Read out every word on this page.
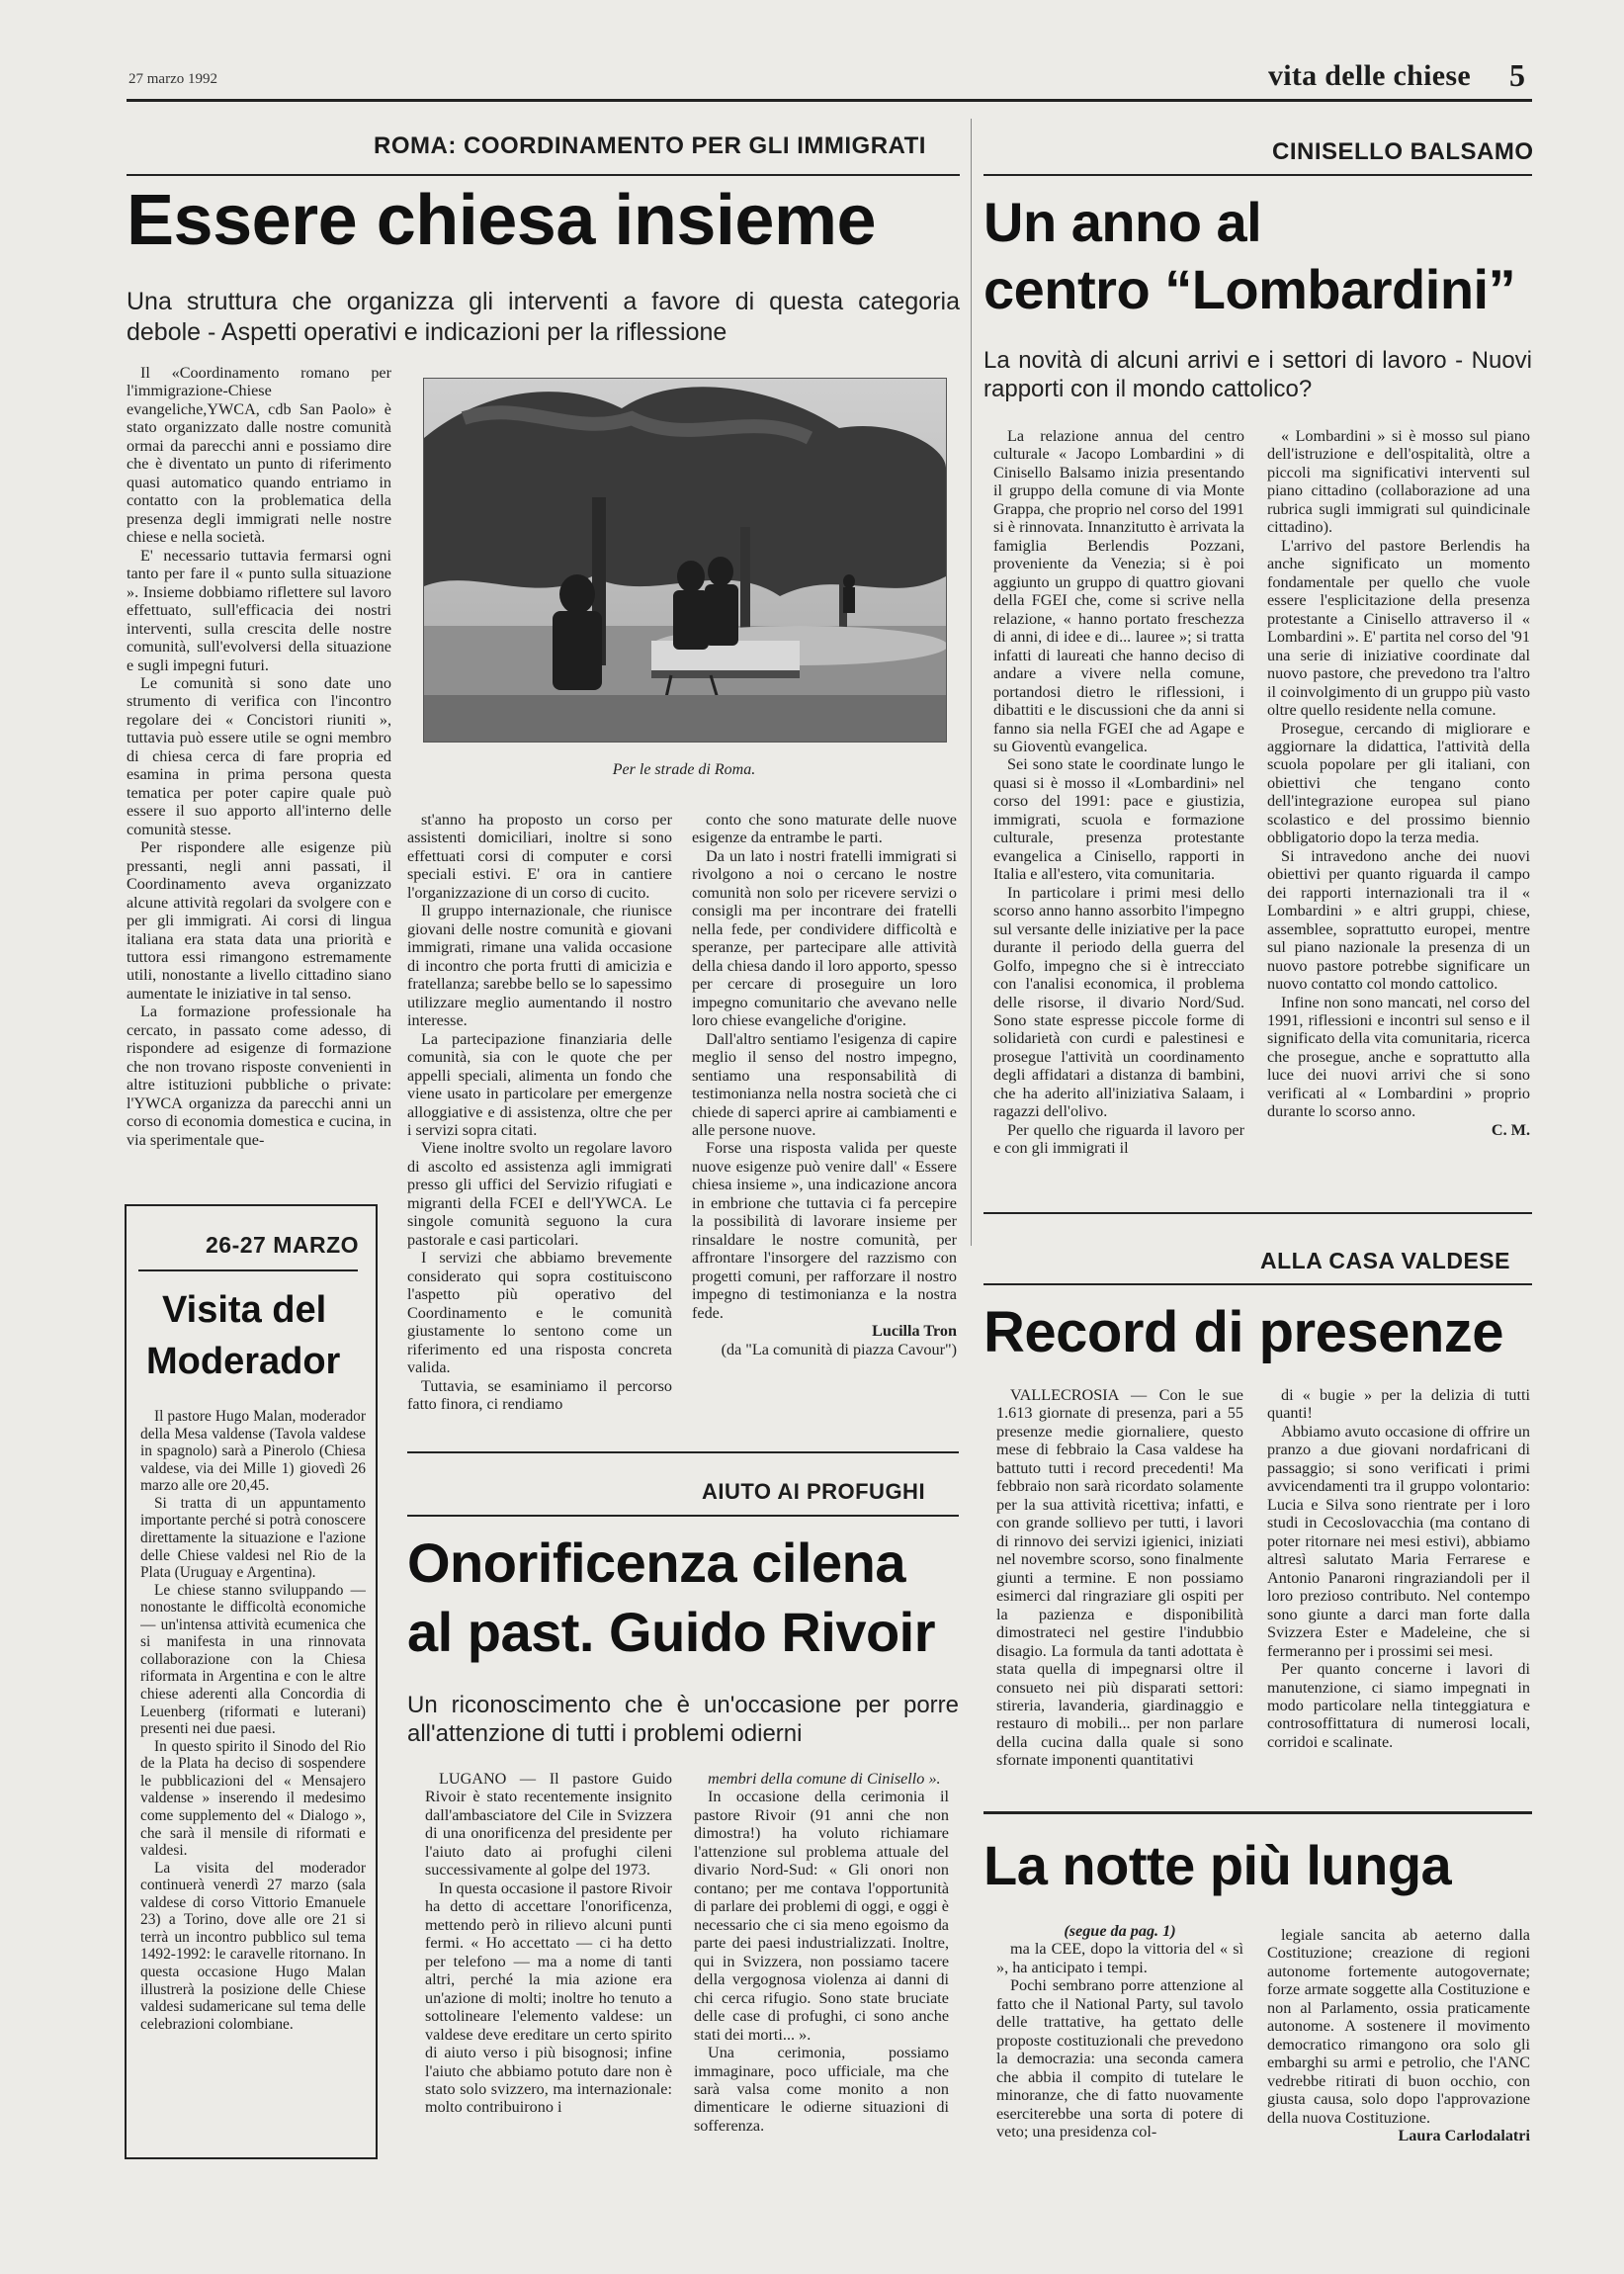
27 marzo 1992	vita delle chiese 5
ROMA: COORDINAMENTO PER GLI IMMIGRATI
Essere chiesa insieme
Una struttura che organizza gli interventi a favore di questa categoria debole - Aspetti operativi e indicazioni per la riflessione
Per le strade di Roma.

Il «Coordinamento romano per l'immigrazione-Chiese evangeliche,YWCA, cdb San Paolo» è stato organizzato dalle nostre comunità ormai da parecchi anni e possiamo dire che è diventato un punto di riferimento quasi automatico quando entriamo in contatto con la problematica della presenza degli immigrati nelle nostre chiese e nella società.

E' necessario tuttavia fermarsi ogni tanto per fare il « punto sulla situazione ». Insieme dobbiamo riflettere sul lavoro effettuato, sull'efficacia dei nostri interventi, sulla crescita delle nostre comunità, sull'evolversi della situazione e sugli impegni futuri.

Le comunità si sono date uno strumento di verifica con l'incontro regolare dei « Concistori riuniti », tuttavia può essere utile se ogni membro di chiesa cerca di fare propria ed esamina in prima persona questa tematica per poter capire quale può essere il suo apporto all'interno delle comunità stesse.

Per rispondere alle esigenze più pressanti, negli anni passati, il Coordinamento aveva organizzato alcune attività regolari da svolgere con e per gli immigrati. Ai corsi di lingua italiana era stata data una priorità e tuttora essi rimangono estremamente utili, nonostante a livello cittadino siano aumentate le iniziative in tal senso.

La formazione professionale ha cercato, in passato come adesso, di rispondere ad esigenze di formazione che non trovano risposte convenienti in altre istituzioni pubbliche o private: l'YWCA organizza da parecchi anni un corso di economia domestica e cucina, in via sperimentale que-

st'anno ha proposto un corso per assistenti domiciliari, inoltre si sono effettuati corsi di computer e corsi speciali estivi. E' ora in cantiere l'organizzazione di un corso di cucito.

Il gruppo internazionale, che riunisce giovani delle nostre comunità e giovani immigrati, rimane una valida occasione di incontro che porta frutti di amicizia e fratellanza; sarebbe bello se lo sapessimo utilizzare meglio aumentando il nostro interesse.

La partecipazione finanziaria delle comunità, sia con le quote che per appelli speciali, alimenta un fondo che viene usato in particolare per emergenze alloggiative e di assistenza, oltre che per i servizi sopra citati.

Viene inoltre svolto un regolare lavoro di ascolto ed assistenza agli immigrati presso gli uffici del Servizio rifugiati e migranti della FCEI e dell'YWCA. Le singole comunità seguono la cura pastorale e casi particolari.

I servizi che abbiamo brevemente considerato qui sopra costituiscono l'aspetto più operativo del Coordinamento e le comunità giustamente lo sentono come un riferimento ed una risposta concreta valida.

Tuttavia, se esaminiamo il percorso fatto finora, ci rendiamo

conto che sono maturate delle nuove esigenze da entrambe le parti.

Da un lato i nostri fratelli immigrati si rivolgono a noi o cercano le nostre comunità non solo per ricevere servizi o consigli ma per incontrare dei fratelli nella fede, per condividere difficoltà e speranze, per partecipare alle attività della chiesa dando il loro apporto, spesso per cercare di proseguire un loro impegno comunitario che avevano nelle loro chiese evangeliche d'origine.

Dall'altro sentiamo l'esigenza di capire meglio il senso del nostro impegno, sentiamo una responsabilità di testimonianza nella nostra società che ci chiede di saperci aprire ai cambiamenti e alle persone nuove.

Forse una risposta valida per queste nuove esigenze può venire dall' « Essere chiesa insieme », una indicazione ancora in embrione che tuttavia ci fa percepire la possibilità di lavorare insieme per rinsaldare le nostre comunità, per affrontare l'insorgere del razzismo con progetti comuni, per rafforzare il nostro impegno di testimonianza e la nostra fede.

Lucilla Tron

(da "La comunità di piazza Cavour")

CINISELLO BALSAMO
Un anno al
centro “Lombardini”
La novità di alcuni arrivi e i settori di lavoro - Nuovi rapporti con il mondo cattolico?

La relazione annua del centro culturale « Jacopo Lombardini » di Cinisello Balsamo inizia presentando il gruppo della comune di via Monte Grappa, che proprio nel corso del 1991 si è rinnovata. Innanzitutto è arrivata la famiglia Berlendis Pozzani, proveniente da Venezia; si è poi aggiunto un gruppo di quattro giovani della FGEI che, come si scrive nella relazione, « hanno portato freschezza di anni, di idee e di... lauree »; si tratta infatti di laureati che hanno deciso di andare a vivere nella comune, portandosi dietro le riflessioni, i dibattiti e le discussioni che da anni si fanno sia nella FGEI che ad Agape e su Gioventù evangelica.

Sei sono state le coordinate lungo le quasi si è mosso il «Lombardini» nel corso del 1991: pace e giustizia, immigrati, scuola e formazione culturale, presenza protestante evangelica a Cinisello, rapporti in Italia e all'estero, vita comunitaria.

In particolare i primi mesi dello scorso anno hanno assorbito l'impegno sul versante delle iniziative per la pace durante il periodo della guerra del Golfo, impegno che si è intrecciato con l'analisi economica, il problema delle risorse, il divario Nord/Sud. Sono state espresse piccole forme di solidarietà con curdi e palestinesi e proseguе l'attività un coordinamento degli affidatari a distanza di bambini, che ha aderito all'iniziativa Salaam, i ragazzi dell'olivo.

Per quello che riguarda il lavoro per e con gli immigrati il

« Lombardini » si è mosso sul piano dell'istruzione e dell'ospitalità, oltre a piccoli ma significativi interventi sul piano cittadino (collaborazione ad una rubrica sugli immigrati sul quindicinale cittadino).

L'arrivo del pastore Berlendis ha anche significato un momento fondamentale per quello che vuole essere l'esplicitazione della presenza protestante a Cinisello attraverso il « Lombardini ». E' partita nel corso del '91 una serie di iniziative coordinate dal nuovo pastore, che prevedono tra l'altro il coinvolgimento di un gruppo più vasto oltre quello residente nella comune.

Prosegue, cercando di migliorare e aggiornare la didattica, l'attività della scuola popolare per gli italiani, con obiettivi che tengano conto dell'integrazione europea sul piano scolastico e del prossimo biennio obbligatorio dopo la terza media.

Si intravedono anche dei nuovi obiettivi per quanto riguarda il campo dei rapporti internazionali tra il « Lombardini » e altri gruppi, chiese, assemblee, soprattutto europei, mentre sul piano nazionale la presenza di un nuovo pastore potrebbe significare un nuovo contatto col mondo cattolico.

Infine non sono mancati, nel corso del 1991, riflessioni e incontri sul senso e il significato della vita comunitaria, ricerca che prosegue, anche e soprattutto alla luce dei nuovi arrivi che si sono verificati al « Lombardini » proprio durante lo scorso anno.

C. M.

26-27 MARZO
Visita del
Moderador

Il pastore Hugo Malan, moderador della Mesa valdense (Tavola valdese in spagnolo) sarà a Pinerolo (Chiesa valdese, via dei Mille 1) giovedì 26 marzo alle ore 20,45.

Si tratta di un appuntamento importante perché si potrà conoscere direttamente la situazione e l'azione delle Chiese valdesi nel Rio de la Plata (Uruguay e Argentina).

Le chiese stanno sviluppando — nonostante le difficoltà economiche — un'intensa attività ecumenica che si manifesta in una rinnovata collaborazione con la Chiesa riformata in Argentina e con le altre chiese aderenti alla Concordia di Leuenberg (riformati e luterani) presenti nei due paesi.

In questo spirito il Sinodo del Rio de la Plata ha deciso di sospendere le pubblicazioni del « Mensajero valdense » inserendo il medesimo come supplemento del « Dialogo », che sarà il mensile di riformati e valdesi.

La visita del moderador continuerà venerdì 27 marzo (sala valdese di corso Vittorio Emanuele 23) a Torino, dove alle ore 21 si terrà un incontro pubblico sul tema 1492-1992: le caravelle ritornano. In questa occasione Hugo Malan illustrerà la posizione delle Chiese valdesi sudamericane sul tema delle celebrazioni colombiane.

AIUTO AI PROFUGHI
Onorificenza cilena
al past. Guido Rivoir
Un riconoscimento che è un'occasione per porre all'attenzione di tutti i problemi odierni

LUGANO — Il pastore Guido Rivoir è stato recentemente insignito dall'ambasciatore del Cile in Svizzera di una onorificenza del presidente per l'aiuto dato ai profughi cileni successivamente al golpe del 1973.

In questa occasione il pastore Rivoir ha detto di accettare l'onorificenza, mettendo però in rilievo alcuni punti fermi. « Ho accettato — ci ha detto per telefono — ma a nome di tanti altri, perché la mia azione era un'azione di molti; inoltre ho tenuto a sottolineare l'elemento valdese: un valdese deve ereditare un certo spirito di aiuto verso i più bisognosi; infine l'aiuto che abbiamo potuto dare non è stato solo svizzero, ma internazionale: molto contribuirono i

membri della comune di Cinisello ».

In occasione della cerimonia il pastore Rivoir (91 anni che non dimostra!) ha voluto richiamare l'attenzione sul problema attuale del divario Nord-Sud: « Gli onori non contano; per me contava l'opportunità di parlare dei problemi di oggi, e oggi è necessario che ci sia meno egoismo da parte dei paesi industrializzati. Inoltre, qui in Svizzera, non possiamo tacere della vergognosa violenza ai danni di chi cerca rifugio. Sono state bruciate delle case di profughi, ci sono anche stati dei morti... ».

Una cerimonia, possiamo immaginare, poco ufficiale, ma che sarà valsa come monito a non dimenticare le odierne situazioni di sofferenza.

ALLA CASA VALDESE
Record di presenze

VALLECROSIA — Con le sue 1.613 giornate di presenza, pari a 55 presenze medie giornaliere, questo mese di febbraio la Casa valdese ha battuto tutti i record precedenti! Ma febbraio non sarà ricordato solamente per la sua attività ricettiva; infatti, e con grande sollievo per tutti, i lavori di rinnovo dei servizi igienici, iniziati nel novembre scorso, sono finalmente giunti a termine. E non possiamo esimerci dal ringraziare gli ospiti per la pazienza e disponibilità dimostrateci nel gestire l'indubbio disagio. La formula da tanti adottata è stata quella di impegnarsi oltre il consueto nei più disparati settori: stireria, lavanderia, giardinaggio e restauro di mobili... per non parlare della cucina dalla quale si sono sfornate imponenti quantitativi

di « bugie » per la delizia di tutti quanti!

Abbiamo avuto occasione di offrire un pranzo a due giovani nordafricani di passaggio; si sono verificati i primi avvicendamenti tra il gruppo volontario: Lucia e Silva sono rientrate per i loro studi in Cecoslovacchia (ma contano di poter ritornare nei mesi estivi), abbiamo altresì salutato Maria Ferrarese e Antonio Panaroni ringraziandoli per il loro prezioso contributo. Nel contempo sono giunte a darci man forte dalla Svizzera Ester e Madeleine, che si fermeranno per i prossimi sei mesi.

Per quanto concerne i lavori di manutenzione, ci siamo impegnati in modo particolare nella tinteggiatura e controsoffittatura di numerosi locali, corridoi e scalinate.

La notte più lunga

(segue da pag. 1)

ma la CEE, dopo la vittoria del « sì », ha anticipato i tempi.

Pochi sembrano porre attenzione al fatto che il National Party, sul tavolo delle trattative, ha gettato delle proposte costituzionali che prevedono la democrazia: una seconda camera che abbia il compito di tutelare le minoranze, che di fatto nuovamente eserciterebbe una sorta di potere di veto; una presidenza col-

legiale sancita ab aeterno dalla Costituzione; creazione di regioni autonome fortemente autogovernate; forze armate soggette alla Costituzione e non al Parlamento, ossia praticamente autonome. A sostenere il movimento democratico rimangono ora solo gli embarghi su armi e petrolio, che l'ANC vedrebbe ritirati di buon occhio, con giusta causa, solo dopo l'approvazione della nuova Costituzione.

Laura Carlodalatri
